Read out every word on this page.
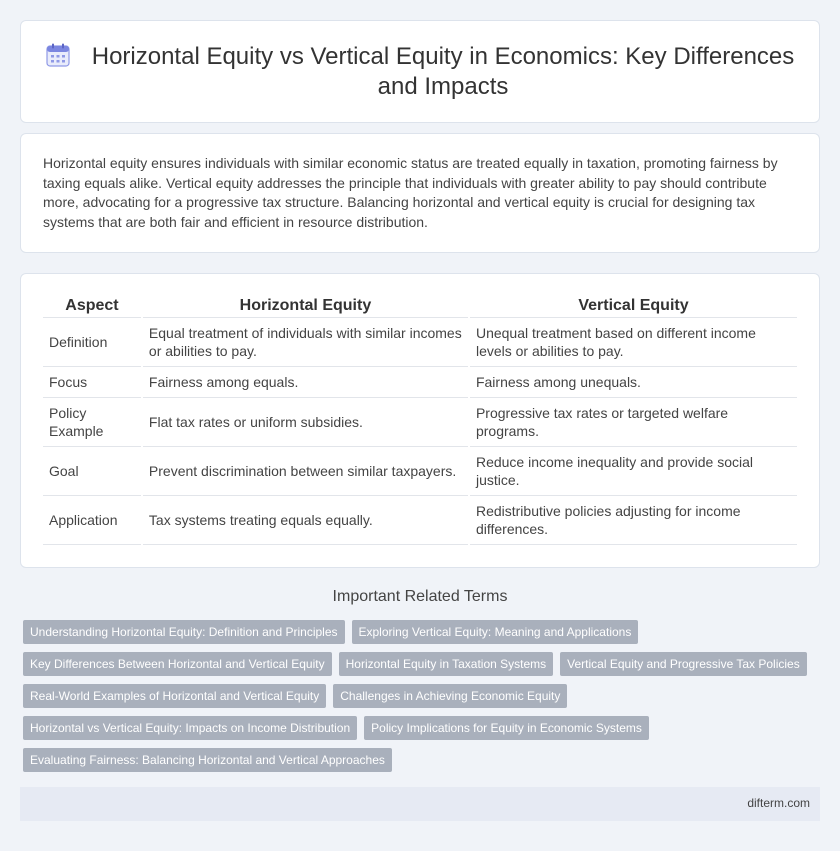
Horizontal Equity vs Vertical Equity in Economics: Key Differences and Impacts

Horizontal equity ensures individuals with similar economic status are treated equally in taxation, promoting fairness by taxing equals alike. Vertical equity addresses the principle that individuals with greater ability to pay should contribute more, advocating for a progressive tax structure. Balancing horizontal and vertical equity is crucial for designing tax systems that are both fair and efficient in resource distribution.

Aspect	Horizontal Equity	Vertical Equity
Definition	Equal treatment of individuals with similar incomes or abilities to pay.	Unequal treatment based on different income levels or abilities to pay.
Focus	Fairness among equals.	Fairness among unequals.
Policy Example	Flat tax rates or uniform subsidies.	Progressive tax rates or targeted welfare programs.
Goal	Prevent discrimination between similar taxpayers.	Reduce income inequality and provide social justice.
Application	Tax systems treating equals equally.	Redistributive policies adjusting for income differences.
Important Related Terms
Understanding Horizontal Equity: Definition and Principles	Exploring Vertical Equity: Meaning and Applications
Key Differences Between Horizontal and Vertical Equity	Horizontal Equity in Taxation Systems	Vertical Equity and Progressive Tax Policies
Real-World Examples of Horizontal and Vertical Equity	Challenges in Achieving Economic Equity
Horizontal vs Vertical Equity: Impacts on Income Distribution	Policy Implications for Equity in Economic Systems
Evaluating Fairness: Balancing Horizontal and Vertical Approaches
difterm.com
